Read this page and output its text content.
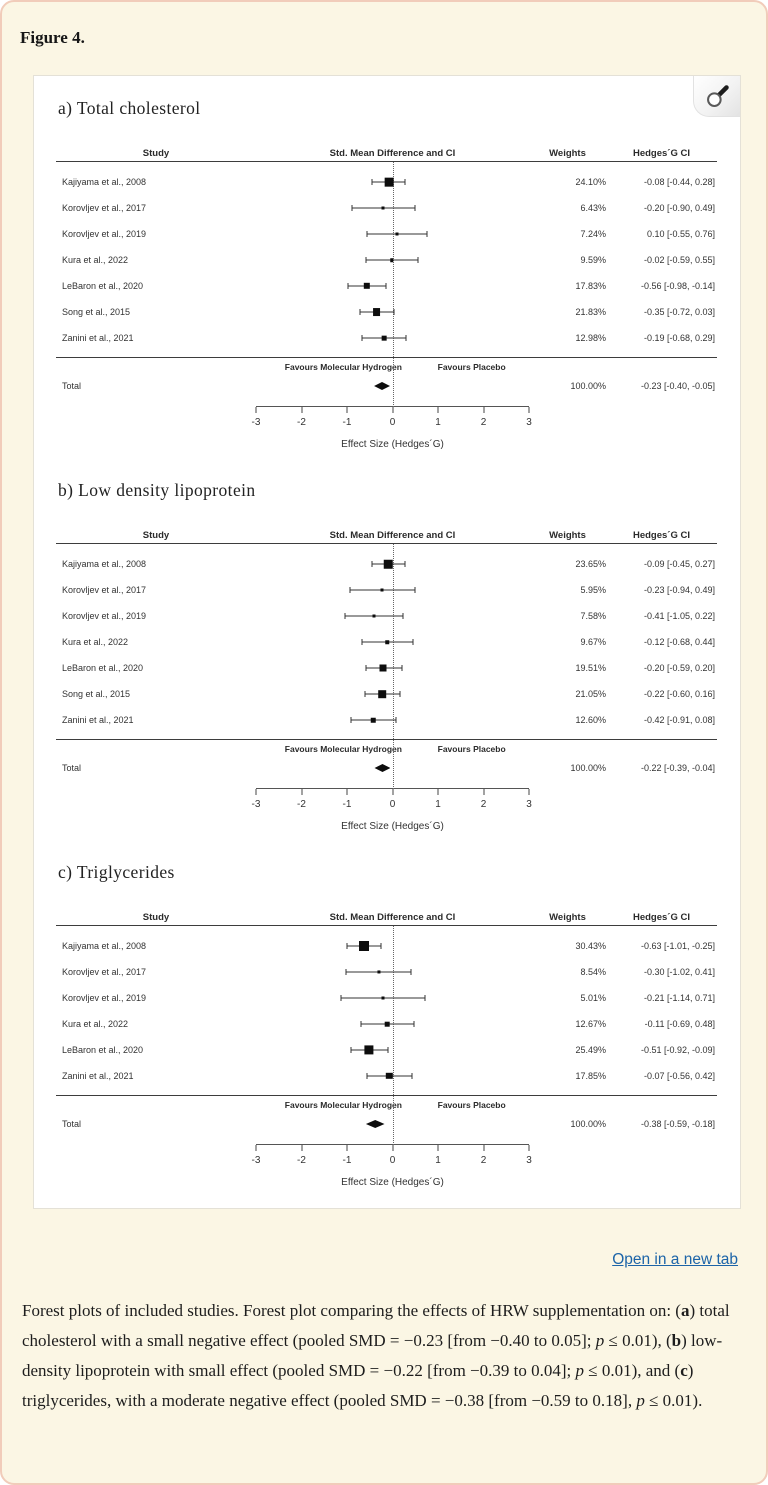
Figure 4.
a) Total cholesterol
Study	Std. Mean Difference and CI	Weights	Hedges´G CI
Kajiyama et al., 2008	24.10%	-0.08 [-0.44, 0.28]
Korovljev et al., 2017	6.43%	-0.20 [-0.90, 0.49]
Korovljev et al., 2019	7.24%	0.10 [-0.55, 0.76]
Kura et al., 2022	9.59%	-0.02 [-0.59, 0.55]
LeBaron et al., 2020	17.83%	-0.56 [-0.98, -0.14]
Song et al., 2015	21.83%	-0.35 [-0.72, 0.03]
Zanini et al., 2021	12.98%	-0.19 [-0.68, 0.29]
Favours Molecular Hydrogen	Favours Placebo
Total	100.00%	-0.23 [-0.40, -0.05]
-3	-2	-1	0	1	2	3
Effect Size (Hedges´G)
b) Low density lipoprotein
Study	Std. Mean Difference and CI	Weights	Hedges´G CI
Kajiyama et al., 2008	23.65%	-0.09 [-0.45, 0.27]
Korovljev et al., 2017	5.95%	-0.23 [-0.94, 0.49]
Korovljev et al., 2019	7.58%	-0.41 [-1.05, 0.22]
Kura et al., 2022	9.67%	-0.12 [-0.68, 0.44]
LeBaron et al., 2020	19.51%	-0.20 [-0.59, 0.20]
Song et al., 2015	21.05%	-0.22 [-0.60, 0.16]
Zanini et al., 2021	12.60%	-0.42 [-0.91, 0.08]
Favours Molecular Hydrogen	Favours Placebo
Total	100.00%	-0.22 [-0.39, -0.04]
-3	-2	-1	0	1	2	3
Effect Size (Hedges´G)
c) Triglycerides
Study	Std. Mean Difference and CI	Weights	Hedges´G CI
Kajiyama et al., 2008	30.43%	-0.63 [-1.01, -0.25]
Korovljev et al., 2017	8.54%	-0.30 [-1.02, 0.41]
Korovljev et al., 2019	5.01%	-0.21 [-1.14, 0.71]
Kura et al., 2022	12.67%	-0.11 [-0.69, 0.48]
LeBaron et al., 2020	25.49%	-0.51 [-0.92, -0.09]
Zanini et al., 2021	17.85%	-0.07 [-0.56, 0.42]
Favours Molecular Hydrogen	Favours Placebo
Total	100.00%	-0.38 [-0.59, -0.18]
-3	-2	-1	0	1	2	3
Effect Size (Hedges´G)
Open in a new tab

Forest plots of included studies. Forest plot comparing the effects of HRW supplementation on: (a) total cholesterol with a small negative effect (pooled SMD = −0.23 [from −0.40 to 0.05]; p ≤ 0.01), (b) low-density lipoprotein with small effect (pooled SMD = −0.22 [from −0.39 to 0.04]; p ≤ 0.01), and (c) triglycerides, with a moderate negative effect (pooled SMD = −0.38 [from −0.59 to 0.18], p ≤ 0.01).
